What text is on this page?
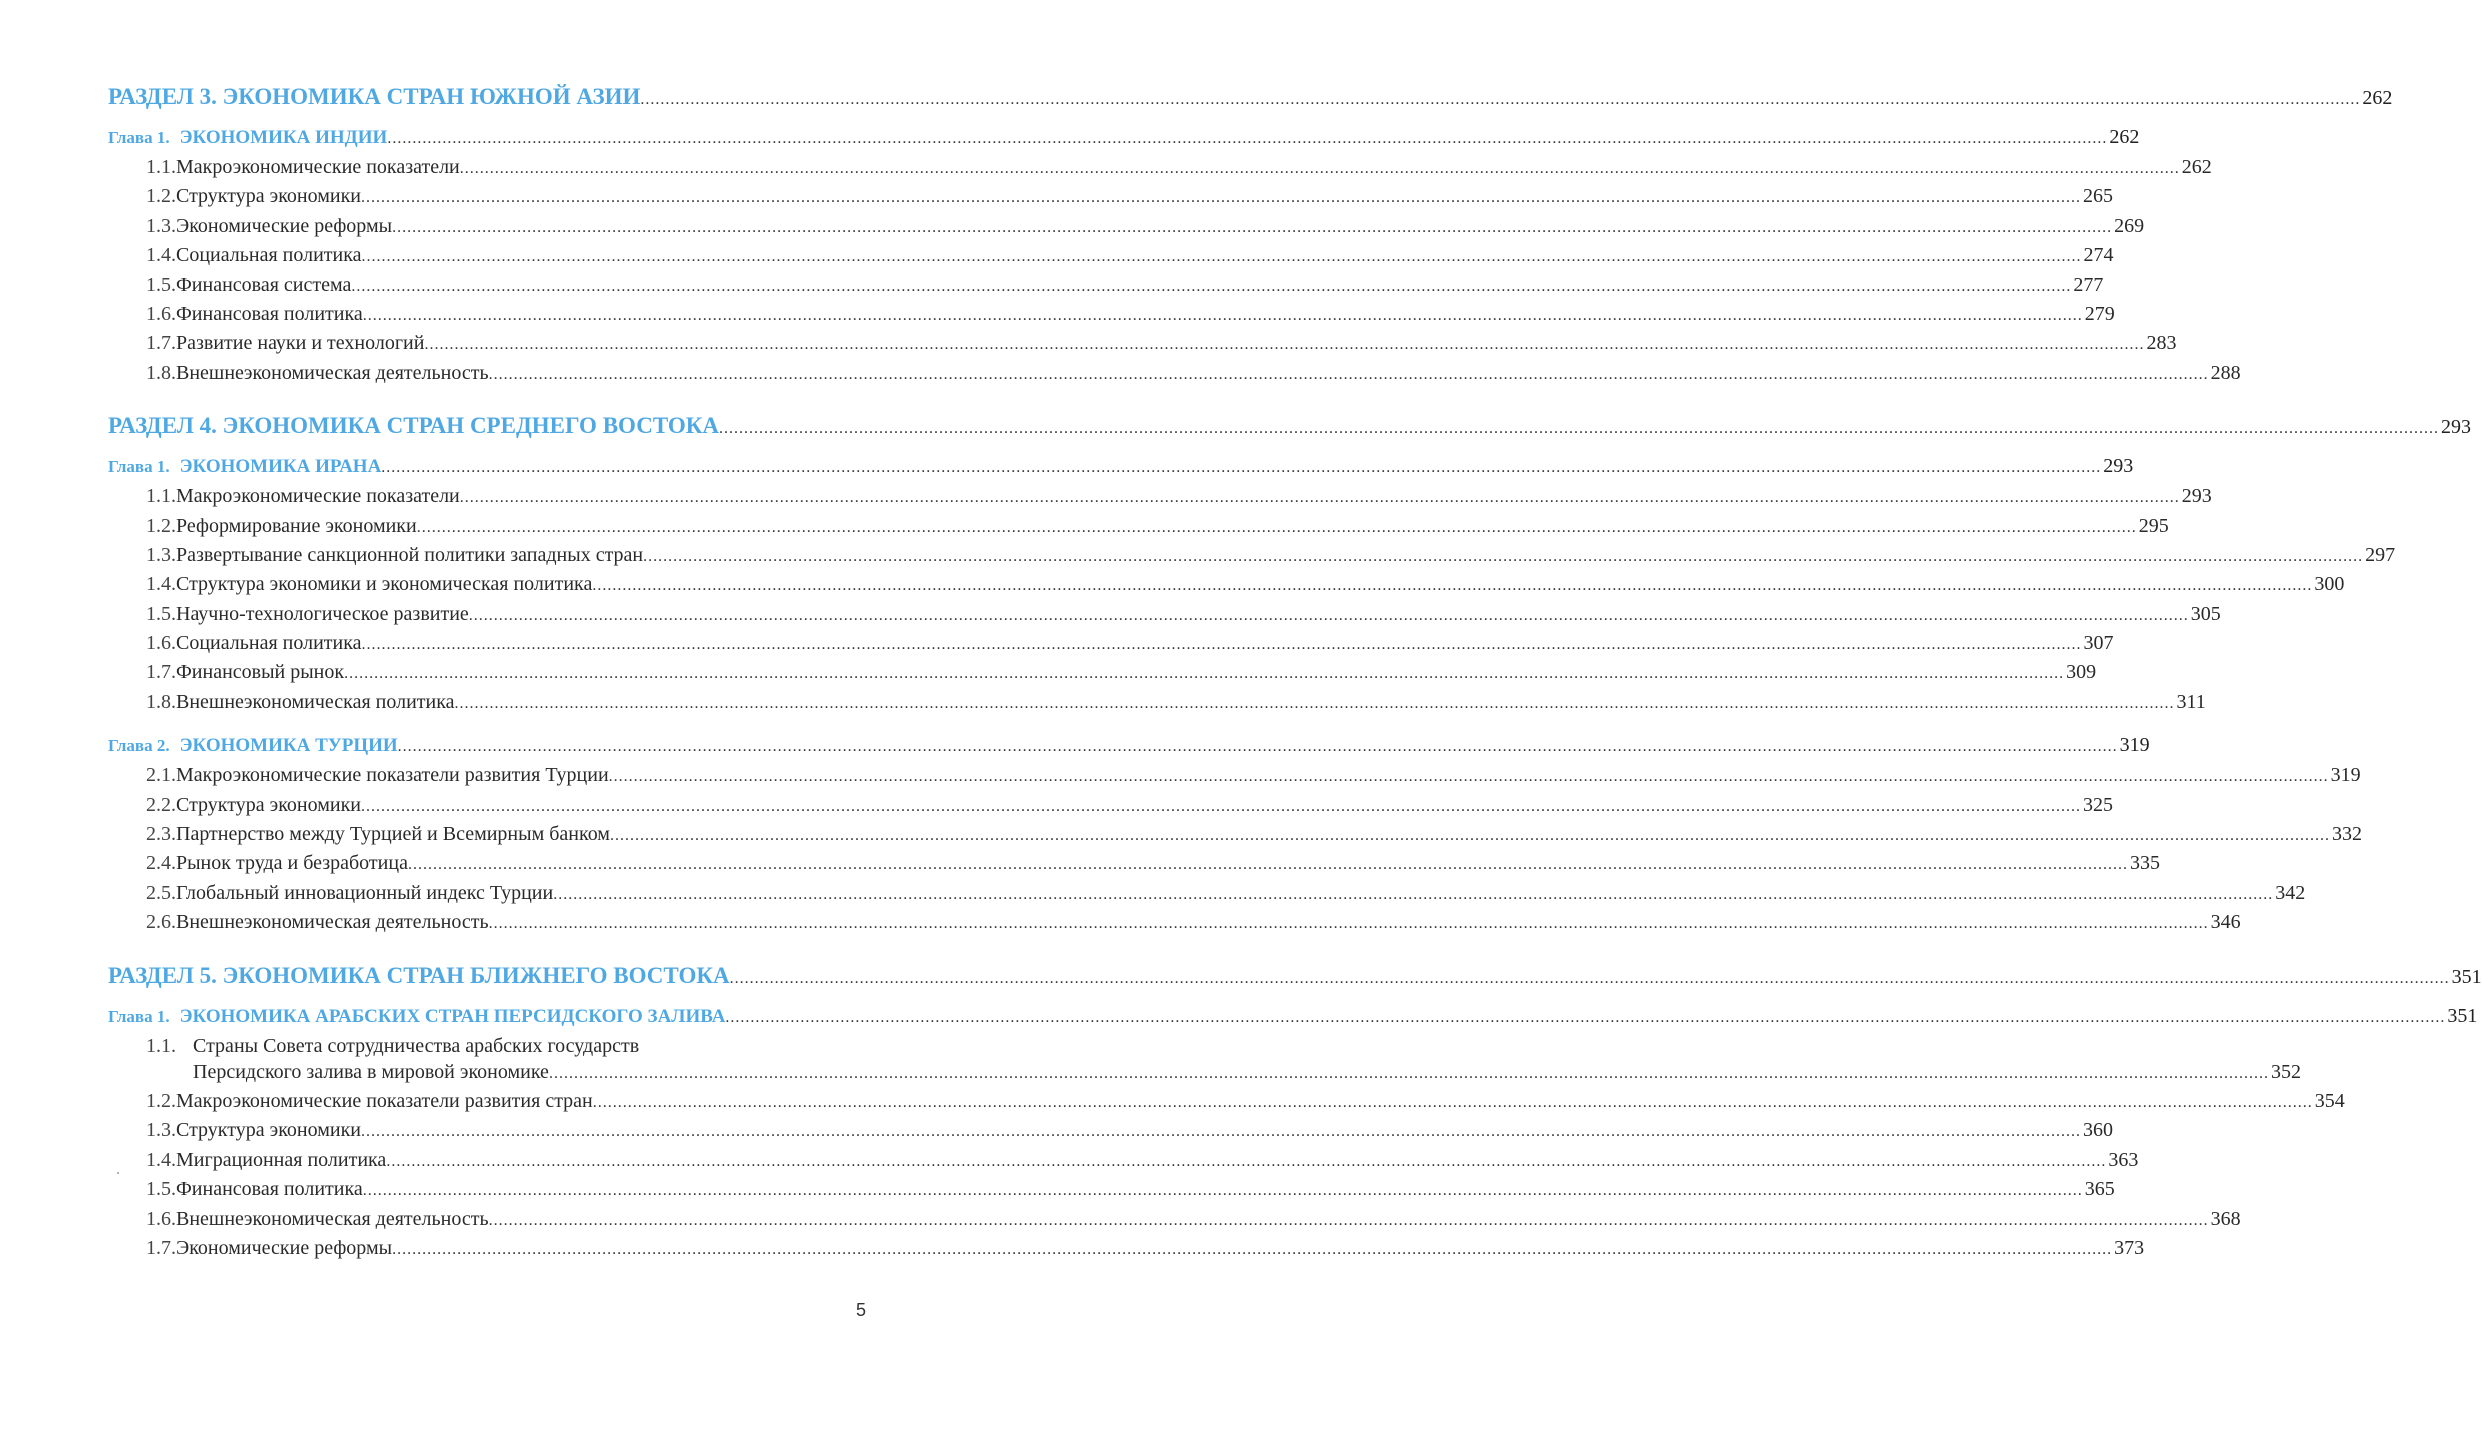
РАЗДЕЛ 3. ЭКОНОМИКА СТРАН ЮЖНОЙ АЗИИ .....	262
Глава 1. ЭКОНОМИКА ИНДИИ .....	262
1.1. Макроэкономические показатели .....	262
1.2. Структура экономики .....	265
1.3. Экономические реформы .....	269
1.4. Социальная политика .....	274
1.5. Финансовая система .....	277
1.6. Финансовая политика .....	279
1.7. Развитие науки и технологий .....	283
1.8. Внешнеэкономическая деятельность .....	288
РАЗДЕЛ 4. ЭКОНОМИКА СТРАН СРЕДНЕГО ВОСТОКА .....	293
Глава 1. ЭКОНОМИКА ИРАНА .....	293
1.1. Макроэкономические показатели .....	293
1.2. Реформирование экономики .....	295
1.3. Развертывание санкционной политики западных стран .....	297
1.4. Структура экономики и экономическая политика .....	300
1.5. Научно-технологическое развитие .....	305
1.6. Социальная политика .....	307
1.7. Финансовый рынок .....	309
1.8. Внешнеэкономическая политика .....	311
Глава 2. ЭКОНОМИКА ТУРЦИИ .....	319
2.1. Макроэкономические показатели развития Турции .....	319
2.2. Структура экономики .....	325
2.3. Партнерство между Турцией и Всемирным банком .....	332
2.4. Рынок труда и безработица .....	335
2.5. Глобальный инновационный индекс Турции .....	342
2.6. Внешнеэкономическая деятельность .....	346
РАЗДЕЛ 5. ЭКОНОМИКА СТРАН БЛИЖНЕГО ВОСТОКА .....	351
Глава 1. ЭКОНОМИКА АРАБСКИХ СТРАН ПЕРСИДСКОГО ЗАЛИВА .....	351
1.1. Страны Совета сотрудничества арабских государств
Персидского залива в мировой экономике .....	352
1.2. Макроэкономические показатели развития стран .....	354
1.3. Структура экономики .....	360
1.4. Миграционная политика .....	363
1.5. Финансовая политика .....	365
1.6. Внешнеэкономическая деятельность .....	368
1.7. Экономические реформы .....	373
5
